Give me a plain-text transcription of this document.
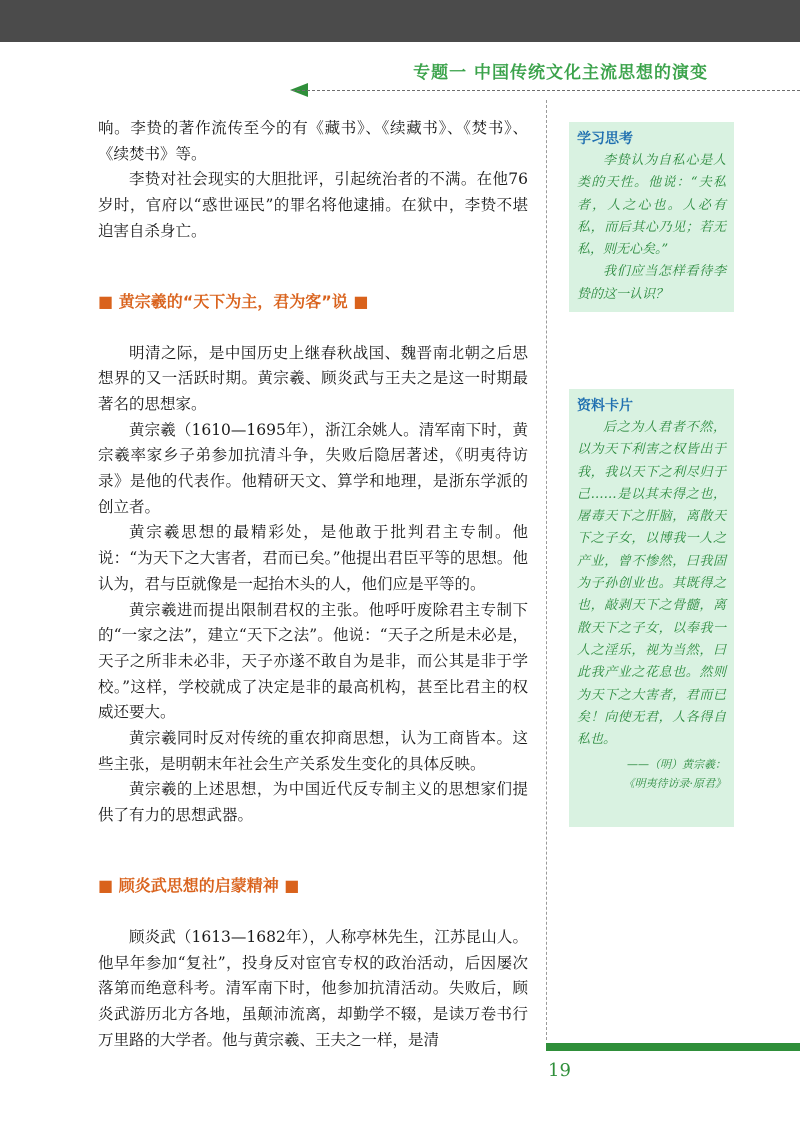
专题一 中国传统文化主流思想的演变

响。李贽的著作流传至今的有《藏书》、《续藏书》、《焚书》、《续焚书》等。

李贽对社会现实的大胆批评，引起统治者的不满。在他76岁时，官府以“惑世诬民”的罪名将他逮捕。在狱中，李贽不堪迫害自杀身亡。

■ 黄宗羲的“天下为主，君为客”说 ■

明清之际，是中国历史上继春秋战国、魏晋南北朝之后思想界的又一活跃时期。黄宗羲、顾炎武与王夫之是这一时期最著名的思想家。

黄宗羲（1610—1695年），浙江余姚人。清军南下时，黄宗羲率家乡子弟参加抗清斗争，失败后隐居著述，《明夷待访录》是他的代表作。他精研天文、算学和地理，是浙东学派的创立者。

黄宗羲思想的最精彩处，是他敢于批判君主专制。他说：“为天下之大害者，君而已矣。”他提出君臣平等的思想。他认为，君与臣就像是一起抬木头的人，他们应是平等的。

黄宗羲进而提出限制君权的主张。他呼吁废除君主专制下的“一家之法”，建立“天下之法”。他说：“天子之所是未必是，天子之所非未必非，天子亦遂不敢自为是非，而公其是非于学校。”这样，学校就成了决定是非的最高机构，甚至比君主的权威还要大。

黄宗羲同时反对传统的重农抑商思想，认为工商皆本。这些主张，是明朝末年社会生产关系发生变化的具体反映。

黄宗羲的上述思想，为中国近代反专制主义的思想家们提供了有力的思想武器。

■ 顾炎武思想的启蒙精神 ■

顾炎武（1613—1682年），人称亭林先生，江苏昆山人。他早年参加“复社”，投身反对宦官专权的政治活动，后因屡次落第而绝意科考。清军南下时，他参加抗清活动。失败后，顾炎武游历北方各地，虽颠沛流离，却勤学不辍，是读万卷书行万里路的大学者。他与黄宗羲、王夫之一样，是清

学习思考

李贽认为自私心是人类的天性。他说：“夫私者，人之心也。人必有私，而后其心乃见；若无私，则无心矣。”

我们应当怎样看待李贽的这一认识？

资料卡片

后之为人君者不然，以为天下利害之权皆出于我，我以天下之利尽归于己……是以其未得之也，屠毒天下之肝脑，离散天下之子女，以博我一人之产业，曾不惨然，曰我固为子孙创业也。其既得之也，敲剥天下之骨髓，离散天下之子女，以奉我一人之淫乐，视为当然，曰此我产业之花息也。然则为天下之大害者，君而已矣！向使无君，人各得自私也。

——（明）黄宗羲：

《明夷待访录·原君》

19
